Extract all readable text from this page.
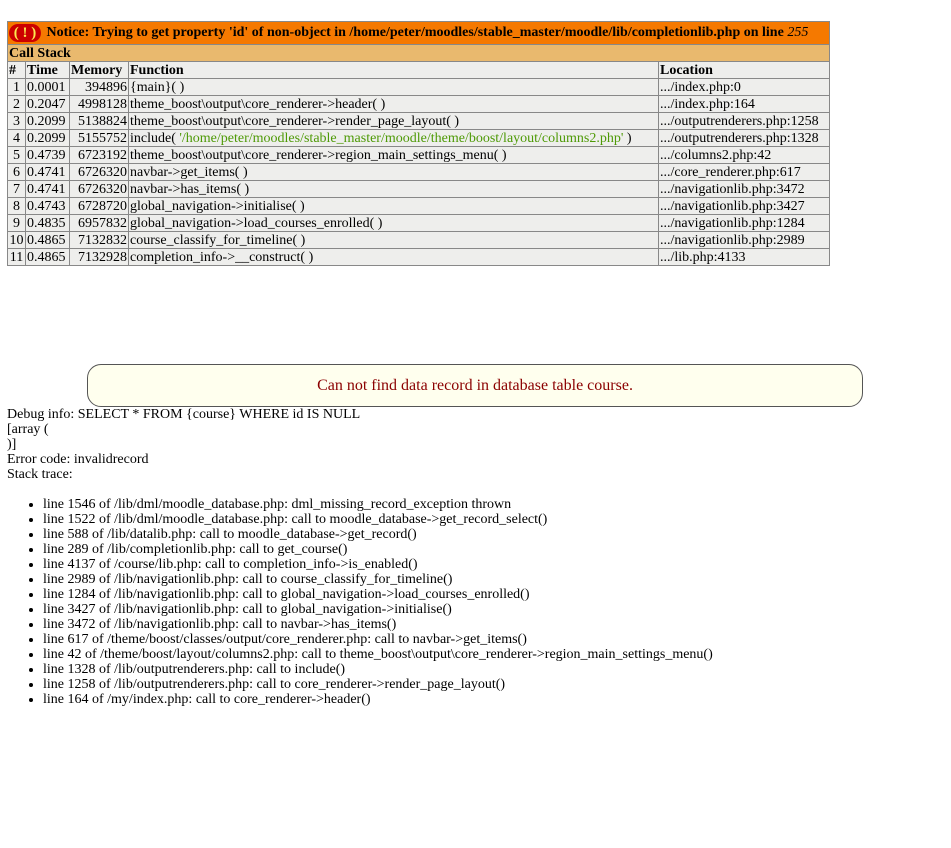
( ! ) Notice: Trying to get property 'id' of non-object in /home/peter/moodles/stable_master/moodle/lib/completionlib.php on line 255				
Call Stack				
#	Time	Memory	Function	Location
1	0.0001	394896	{main}( )	.../index.php:0
2	0.2047	4998128	theme_boost\output\core_renderer->header( )	.../index.php:164
3	0.2099	5138824	theme_boost\output\core_renderer->render_page_layout( )	.../outputrenderers.php:1258
4	0.2099	5155752	include( '/home/peter/moodles/stable_master/moodle/theme/boost/layout/columns2.php' )	.../outputrenderers.php:1328
5	0.4739	6723192	theme_boost\output\core_renderer->region_main_settings_menu( )	.../columns2.php:42
6	0.4741	6726320	navbar->get_items( )	.../core_renderer.php:617
7	0.4741	6726320	navbar->has_items( )	.../navigationlib.php:3472
8	0.4743	6728720	global_navigation->initialise( )	.../navigationlib.php:3427
9	0.4835	6957832	global_navigation->load_courses_enrolled( )	.../navigationlib.php:1284
10	0.4865	7132832	course_classify_for_timeline( )	.../navigationlib.php:2989
11	0.4865	7132928	completion_info->__construct( )	.../lib.php:4133
Can not find data record in database table course.
Debug info: SELECT * FROM {course} WHERE id IS NULL
[array (
)]
Error code: invalidrecord
Stack trace:
• line 1546 of /lib/dml/moodle_database.php: dml_missing_record_exception thrown
• line 1522 of /lib/dml/moodle_database.php: call to moodle_database->get_record_select()
• line 588 of /lib/datalib.php: call to moodle_database->get_record()
• line 289 of /lib/completionlib.php: call to get_course()
• line 4137 of /course/lib.php: call to completion_info->is_enabled()
• line 2989 of /lib/navigationlib.php: call to course_classify_for_timeline()
• line 1284 of /lib/navigationlib.php: call to global_navigation->load_courses_enrolled()
• line 3427 of /lib/navigationlib.php: call to global_navigation->initialise()
• line 3472 of /lib/navigationlib.php: call to navbar->has_items()
• line 617 of /theme/boost/classes/output/core_renderer.php: call to navbar->get_items()
• line 42 of /theme/boost/layout/columns2.php: call to theme_boost\output\core_renderer->region_main_settings_menu()
• line 1328 of /lib/outputrenderers.php: call to include()
• line 1258 of /lib/outputrenderers.php: call to core_renderer->render_page_layout()
• line 164 of /my/index.php: call to core_renderer->header()
